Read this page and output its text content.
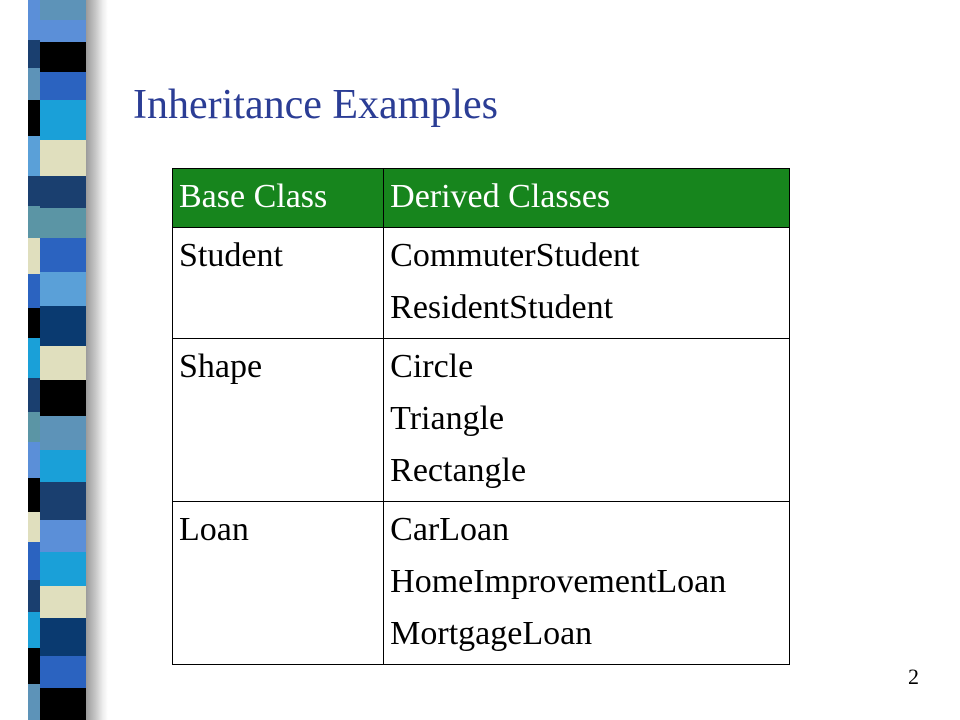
Inheritance Examples
Base Class	Derived Classes
Student	CommuterStudent
ResidentStudent

Shape	Circle
Triangle
Rectangle

Loan	CarLoan
HomeImprovementLoan
MortgageLoan
2
